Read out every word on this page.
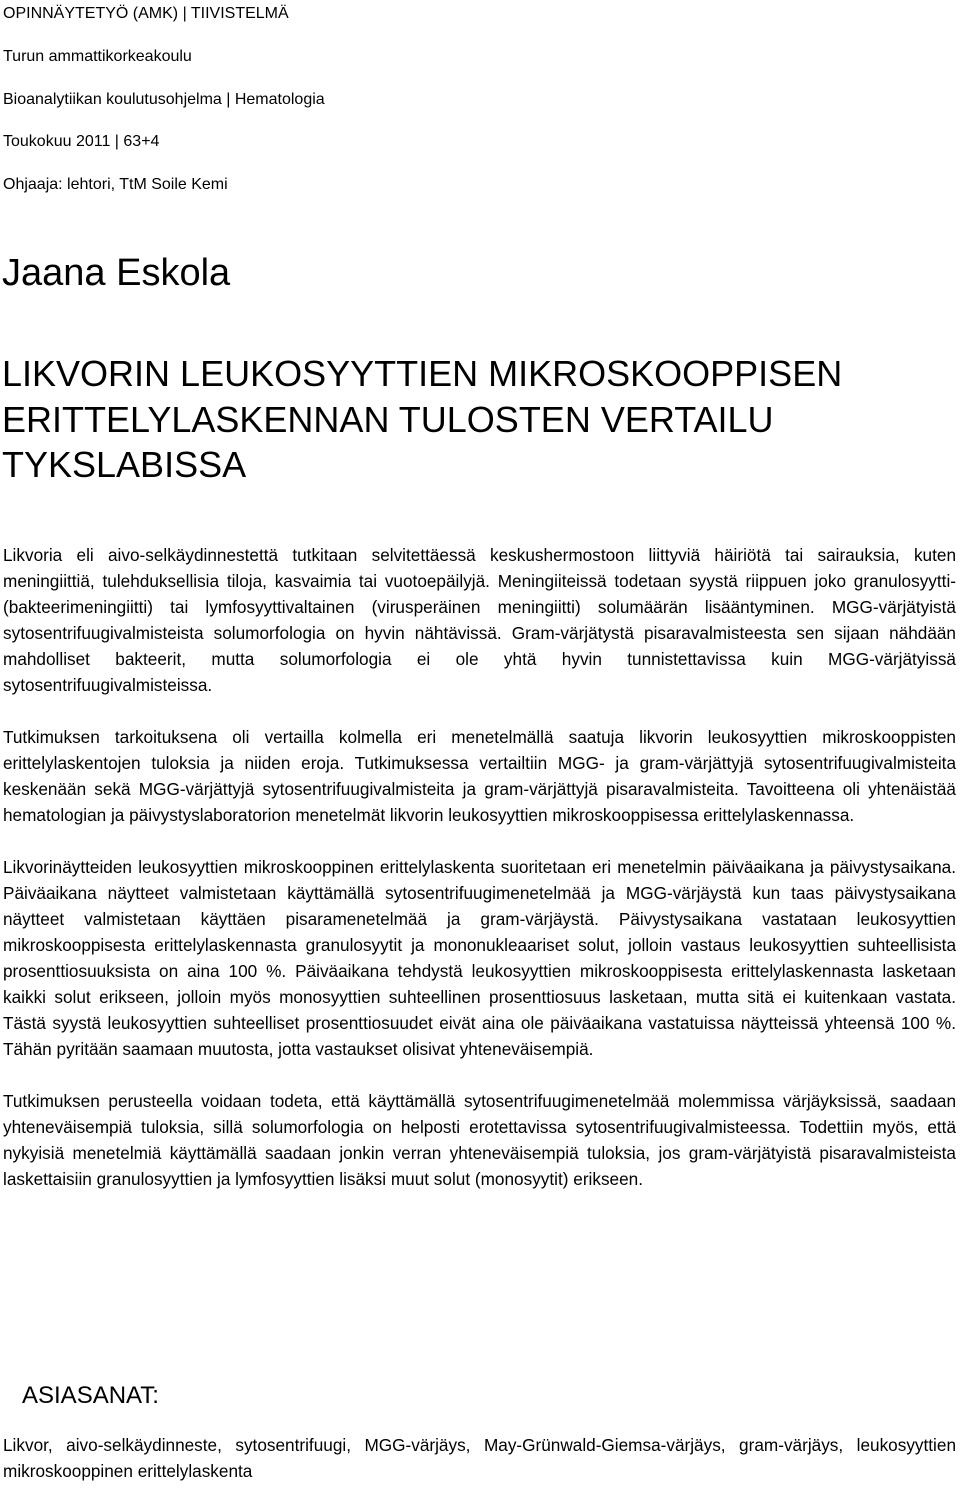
OPINNÄYTETYÖ (AMK) | TIIVISTELMÄ
Turun ammattikorkeakoulu
Bioanalytiikan koulutusohjelma | Hematologia
Toukokuu 2011 | 63+4
Ohjaaja: lehtori, TtM Soile Kemi
Jaana Eskola
LIKVORIN LEUKOSYYTTIEN MIKROSKOOPPISEN
ERITTELYLASKENNAN TULOSTEN VERTAILU
TYKSLABISSA

Likvoria eli aivo-selkäydinnestettä tutkitaan selvitettäessä keskushermostoon liittyviä häiriötä tai sairauksia, kuten meningiittiä, tulehduksellisia tiloja, kasvaimia tai vuotoepäilyjä. Meningiiteissä todetaan syystä riippuen joko granulosyytti- (bakteerimeningiitti) tai lymfosyyttivaltainen (virusperäinen meningiitti) solumäärän lisääntyminen. MGG-värjätyistä sytosentrifuugivalmisteista solumorfologia on hyvin nähtävissä. Gram-värjätystä pisaravalmisteesta sen sijaan nähdään mahdolliset bakteerit, mutta solumorfologia ei ole yhtä hyvin tunnistettavissa kuin MGG-värjätyissä sytosentrifuugivalmisteissa.

Tutkimuksen tarkoituksena oli vertailla kolmella eri menetelmällä saatuja likvorin leukosyyttien mikroskooppisten erittelylaskentojen tuloksia ja niiden eroja. Tutkimuksessa vertailtiin MGG- ja gram-värjättyjä sytosentrifuugivalmisteita keskenään sekä MGG-värjättyjä sytosentrifuugivalmisteita ja gram-värjättyjä pisaravalmisteita. Tavoitteena oli yhtenäistää hematologian ja päivystyslaboratorion menetelmät likvorin leukosyyttien mikroskooppisessa erittelylaskennassa.

Likvorinäytteiden leukosyyttien mikroskooppinen erittelylaskenta suoritetaan eri menetelmin päiväaikana ja päivystysaikana. Päiväaikana näytteet valmistetaan käyttämällä sytosentrifuugimenetelmää ja MGG-värjäystä kun taas päivystysaikana näytteet valmistetaan käyttäen pisaramenetelmää ja gram-värjäystä. Päivystysaikana vastataan leukosyyttien mikroskooppisesta erittelylaskennasta granulosyytit ja mononukleaariset solut, jolloin vastaus leukosyyttien suhteellisista prosenttiosuuksista on aina 100 %. Päiväaikana tehdystä leukosyyttien mikroskooppisesta erittelylaskennasta lasketaan kaikki solut erikseen, jolloin myös monosyyttien suhteellinen prosenttiosuus lasketaan, mutta sitä ei kuitenkaan vastata. Tästä syystä leukosyyttien suhteelliset prosenttiosuudet eivät aina ole päiväaikana vastatuissa näytteissä yhteensä 100 %. Tähän pyritään saamaan muutosta, jotta vastaukset olisivat yhteneväisempiä.

Tutkimuksen perusteella voidaan todeta, että käyttämällä sytosentrifuugimenetelmää molemmissa värjäyksissä, saadaan yhteneväisempiä tuloksia, sillä solumorfologia on helposti erotettavissa sytosentrifuugivalmisteessa. Todettiin myös, että nykyisiä menetelmiä käyttämällä saadaan jonkin verran yhteneväisempiä tuloksia, jos gram-värjätyistä pisaravalmisteista laskettaisiin granulosyyttien ja lymfosyyttien lisäksi muut solut (monosyytit) erikseen.

ASIASANAT:
Likvor, aivo-selkäydinneste, sytosentrifuugi, MGG-värjäys, May-Grünwald-Giemsa-värjäys, gram-värjäys, leukosyyttien mikroskooppinen erittelylaskenta
